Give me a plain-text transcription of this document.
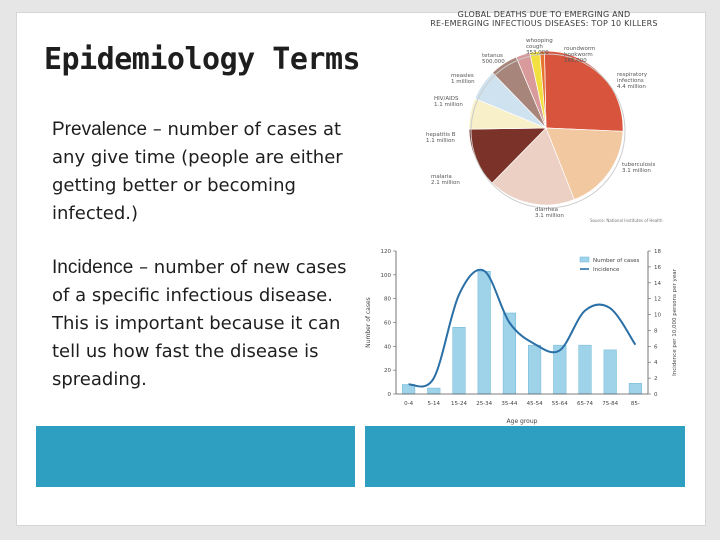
Epidemiology Terms
Prevalence – number of cases at any give time (people are either getting better or becoming infected.)
Incidence – number of new cases of a specific infectious disease. This is important because it can tell us how fast the disease is spreading.
GLOBAL DEATHS DUE TO EMERGING AND
RE-EMERGING INFECTIOUS DISEASES: TOP 10 KILLERS
respiratory
infections
4.4 million
tuberculosis
3.1 million
diarrhea
3.1 million
malaria
2.1 million
hepatitis B
1.1 million
HIV/AIDS
1.1 million
measles
1 million
tetanus
500,000
whooping
cough
353,000
roundworm
hookworm
165,000
Source: National Institutes of Health
0
20
40
60
80
100
120
0
2
4
6
8
10
12
14
16
18
0-4	5-14 15-24 25-34 35-44 45-54 55-64 65-74 75-84 85-
Age group
Number of cases	Incidence per 10,000 persons per year
Number of cases
Incidence
